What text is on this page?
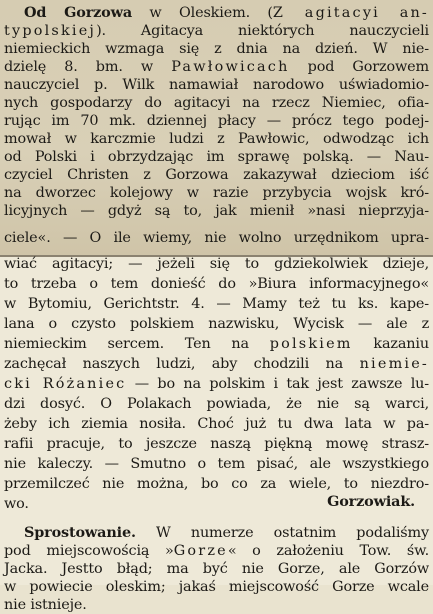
Od Gorzowa w Oleskiem. (Z agitacyi an-
typolskiej). Agitacya niektórych nauczycieli
niemieckich wzmaga się z dnia na dzień. W nie-
dzielę 8. bm. w Pawłowicach pod Gorzowem
nauczyciel p. Wilk namawiał narodowo uświadomio-
nych gospodarzy do agitacyi na rzecz Niemiec, ofia-
rując im 70 mk. dziennej płacy — prócz tego podej-
mował w karczmie ludzi z Pawłowic, odwodząc ich
od Polski i obrzydzając im sprawę polską. — Nau-
czyciel Christen z Gorzowa zakazywał dzieciom iść
na dworzec kolejowy w razie przybycia wojsk kró-
licyjnych — gdyż są to, jak mienił »nasi nieprzyja-
ciele«. — O ile wiemy, nie wolno urzędnikom upra-
wiać agitacyi; — jeżeli się to gdziekolwiek dzieje,
to trzeba o tem donieść do »Biura informacyjnego«
w Bytomiu, Gerichtstr. 4. — Mamy też tu ks. kape-
lana o czysto polskiem nazwisku, Wycisk — ale z
niemieckim sercem. Ten na polskiem kazaniu
zachęcał naszych ludzi, aby chodzili na niemie-
cki Różaniec — bo na polskim i tak jest zawsze lu-
dzi dosyć. O Polakach powiada, że nie są warci,
żeby ich ziemia nosiła. Choć już tu dwa lata w pa-
rafii pracuje, to jeszcze naszą piękną mowę strasz-
nie kaleczy. — Smutno o tem pisać, ale wszystkiego
przemilczeć nie można, bo co za wiele, to niezdro-
wo.	Gorzowiak.
Sprostowanie. W numerze ostatnim podaliśmy
pod miejscowością »Gorze« o założeniu Tow. św.
Jacka. Jestto błąd; ma być nie Gorze, ale Gorzów
w powiecie oleskim; jakaś miejscowość Gorze wcale
nie istnieje.
